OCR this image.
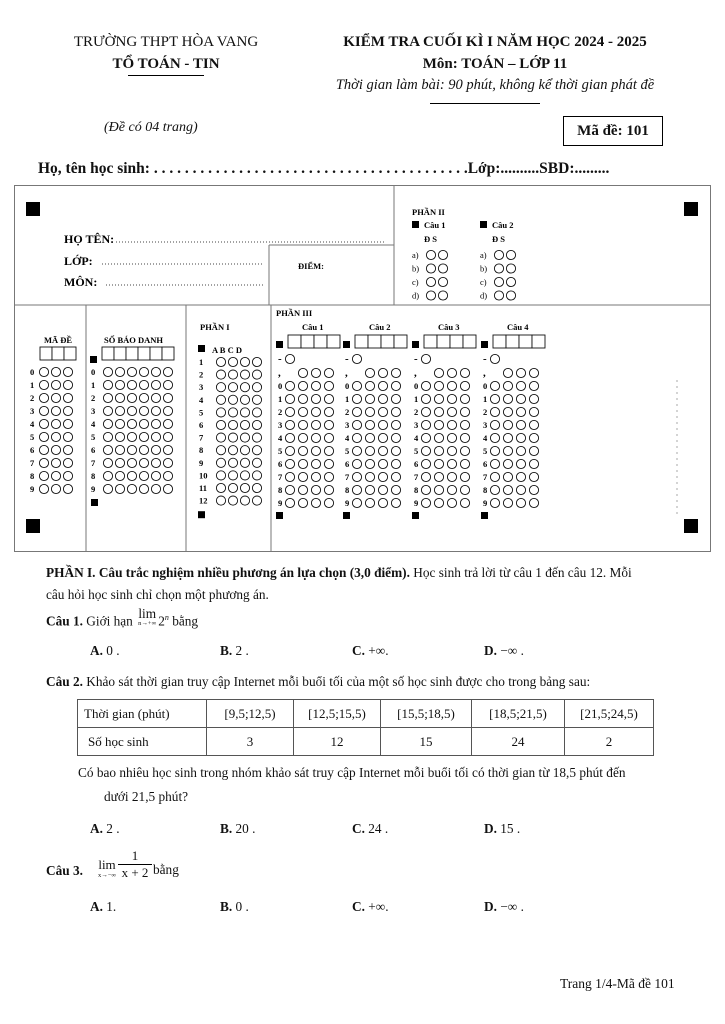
TRƯỜNG THPT HÒA VANG
TỔ TOÁN - TIN
KIỂM TRA CUỐI KÌ I NĂM HỌC 2024 - 2025
Môn: TOÁN – LỚP 11
Thời gian làm bài: 90 phút, không kể thời gian phát đề
(Đề có 04 trang)	Mã đề: 101
Họ, tên học sinh: . . . . . . . . . . . . . . . . . . . . . . . . . . . . . . . . . . . . . . . . .Lớp:..........SBD:.........
HỌ TÊN:
LỚP:
MÔN:
ĐIỂM:
PHẦN II
Câu 1
Đ S
a)
b)
c)
d)
Câu 2
Đ S
a)
b)
c)
d)
MÃ ĐỀ	SỐ BÁO DANH
PHẦN I
A B C D
PHẦN III
0
1
2
3
4
5
6
7
8
9
0
1
2
3
4
5
6
7
8
9
1
2
3
4
5
6
7
8
9
10
11
12
Câu 1
-
,
0
1
2
3
4
5
6
7
8
9
Câu 2
-
,
0
1
2
3
4
5
6
7
8
9
Câu 3
-
,
0
1
2
3
4
5
6
7
8
9
Câu 4
-
,
0
1
2
3
4
5
6
7
8
9
PHẦN I. Câu trắc nghiệm nhiều phương án lựa chọn (3,0 điểm). Học sinh trả lời từ câu 1 đến câu 12. Mỗi
câu hỏi học sinh chỉ chọn một phương án.
Câu 1. Giới hạn lim

n→+∞ 2$^n$ bằng
A. 0 .	B. 2 .	C. +∞.	D. −∞ .
Câu 2. Khảo sát thời gian truy cập Internet mỗi buổi tối của một số học sinh được cho trong bảng sau:
Thời gian (phút)	[9,5;12,5)	[12,5;15,5)	[15,5;18,5)	[18,5;21,5)	[21,5;24,5)
Số học sinh	3	12	15	24	2
Có bao nhiêu học sinh trong nhóm khảo sát truy cập Internet mỗi buổi tối có thời gian từ 18,5 phút đến
dưới 21,5 phút?
A. 2 .	B. 20 .	C. 24 .	D. 15 .
Câu 3.	lim

$x\to-\infty \frac{1}{x + 2}$ bằng
A. 1.	B. 0 .	C. +∞.	D. −∞ .
Trang 1/4-Mã đề 101
